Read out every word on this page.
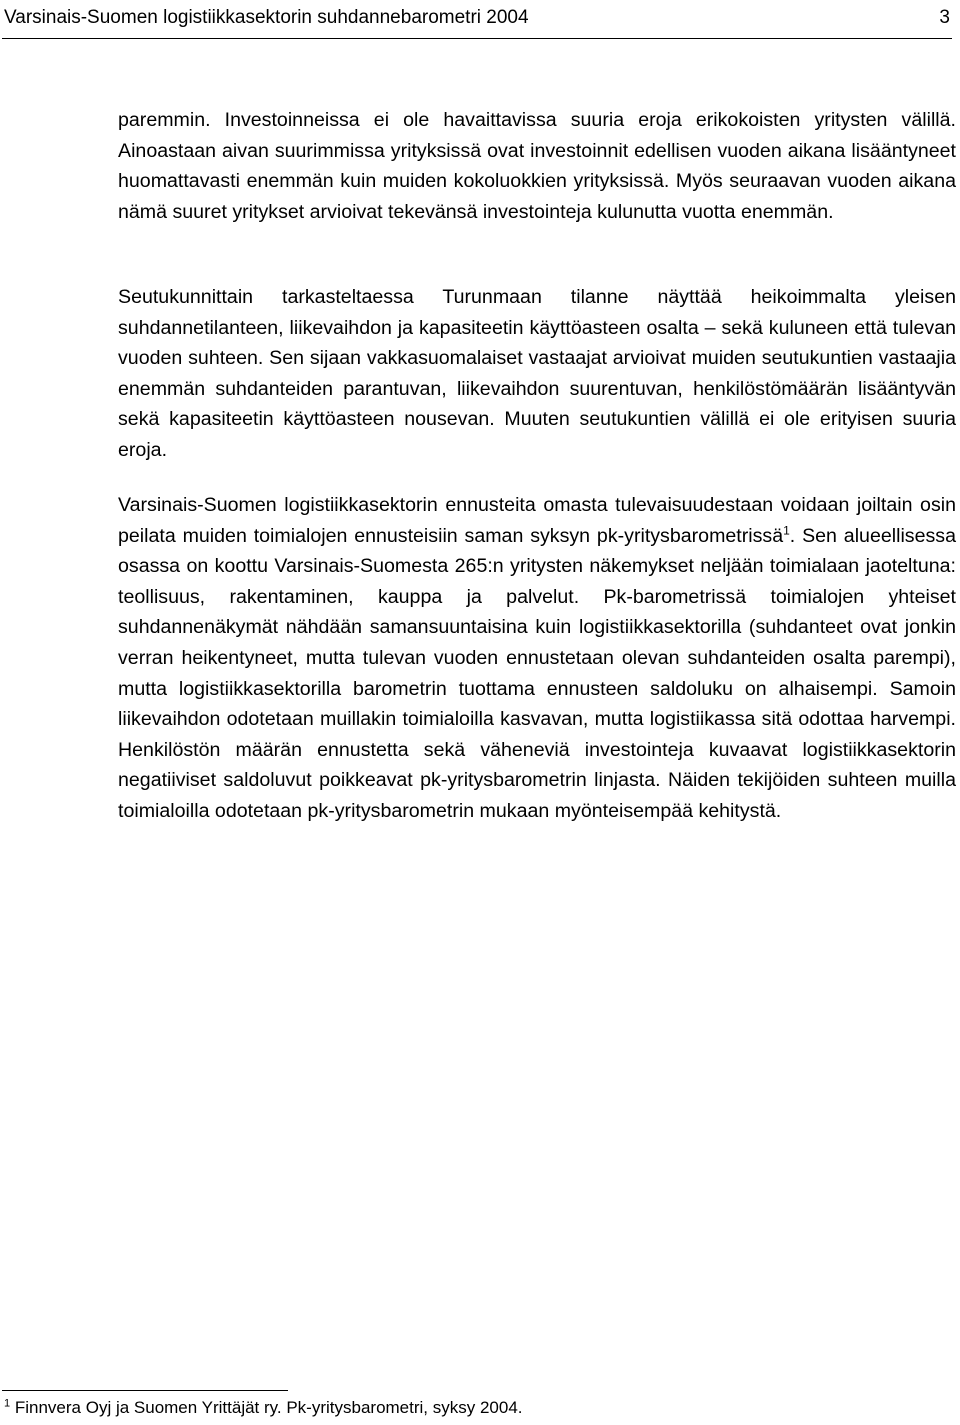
Varsinais-Suomen logistiikkasektorin suhdannebarometri 2004	3

paremmin. Investoinneissa ei ole havaittavissa suuria eroja erikokoisten yritysten välillä. Ainoastaan aivan suurimmissa yrityksissä ovat investoinnit edellisen vuoden aikana lisääntyneet huomattavasti enemmän kuin muiden kokoluokkien yrityksissä. Myös seuraavan vuoden aikana nämä suuret yritykset arvioivat tekevänsä investointeja kulunutta vuotta enemmän.

Seutukunnittain tarkasteltaessa Turunmaan tilanne näyttää heikoimmalta yleisen suhdannetilanteen, liikevaihdon ja kapasiteetin käyttöasteen osalta – sekä kuluneen että tulevan vuoden suhteen. Sen sijaan vakkasuomalaiset vastaajat arvioivat muiden seutukuntien vastaajia enemmän suhdanteiden parantuvan, liikevaihdon suurentuvan, henkilöstömäärän lisääntyvän sekä kapasiteetin käyttöasteen nousevan. Muuten seutukuntien välillä ei ole erityisen suuria eroja.

Varsinais-Suomen logistiikkasektorin ennusteita omasta tulevaisuudestaan voidaan joiltain osin peilata muiden toimialojen ennusteisiin saman syksyn pk-yritysbarometrissä$^1$. Sen alueellisessa osassa on koottu Varsinais-Suomesta 265:n yritysten näkemykset neljään toimialaan jaoteltuna: teollisuus, rakentaminen, kauppa ja palvelut. Pk-barometrissä toimialojen yhteiset suhdannenäkymät nähdään samansuuntaisina kuin logistiikkasektorilla (suhdanteet ovat jonkin verran heikentyneet, mutta tulevan vuoden ennustetaan olevan suhdanteiden osalta parempi), mutta logistiikkasektorilla barometrin tuottama ennusteen saldoluku on alhaisempi. Samoin liikevaihdon odotetaan muillakin toimialoilla kasvavan, mutta logistiikassa sitä odottaa harvempi. Henkilöstön määrän ennustetta sekä väheneviä investointeja kuvaavat logistiikkasektorin negatiiviset saldoluvut poikkeavat pk-yritysbarometrin linjasta. Näiden tekijöiden suhteen muilla toimialoilla odotetaan pk-yritysbarometrin mukaan myönteisempää kehitystä.

$^1$ Finnvera Oyj ja Suomen Yrittäjät ry. Pk-yritysbarometri, syksy 2004.
